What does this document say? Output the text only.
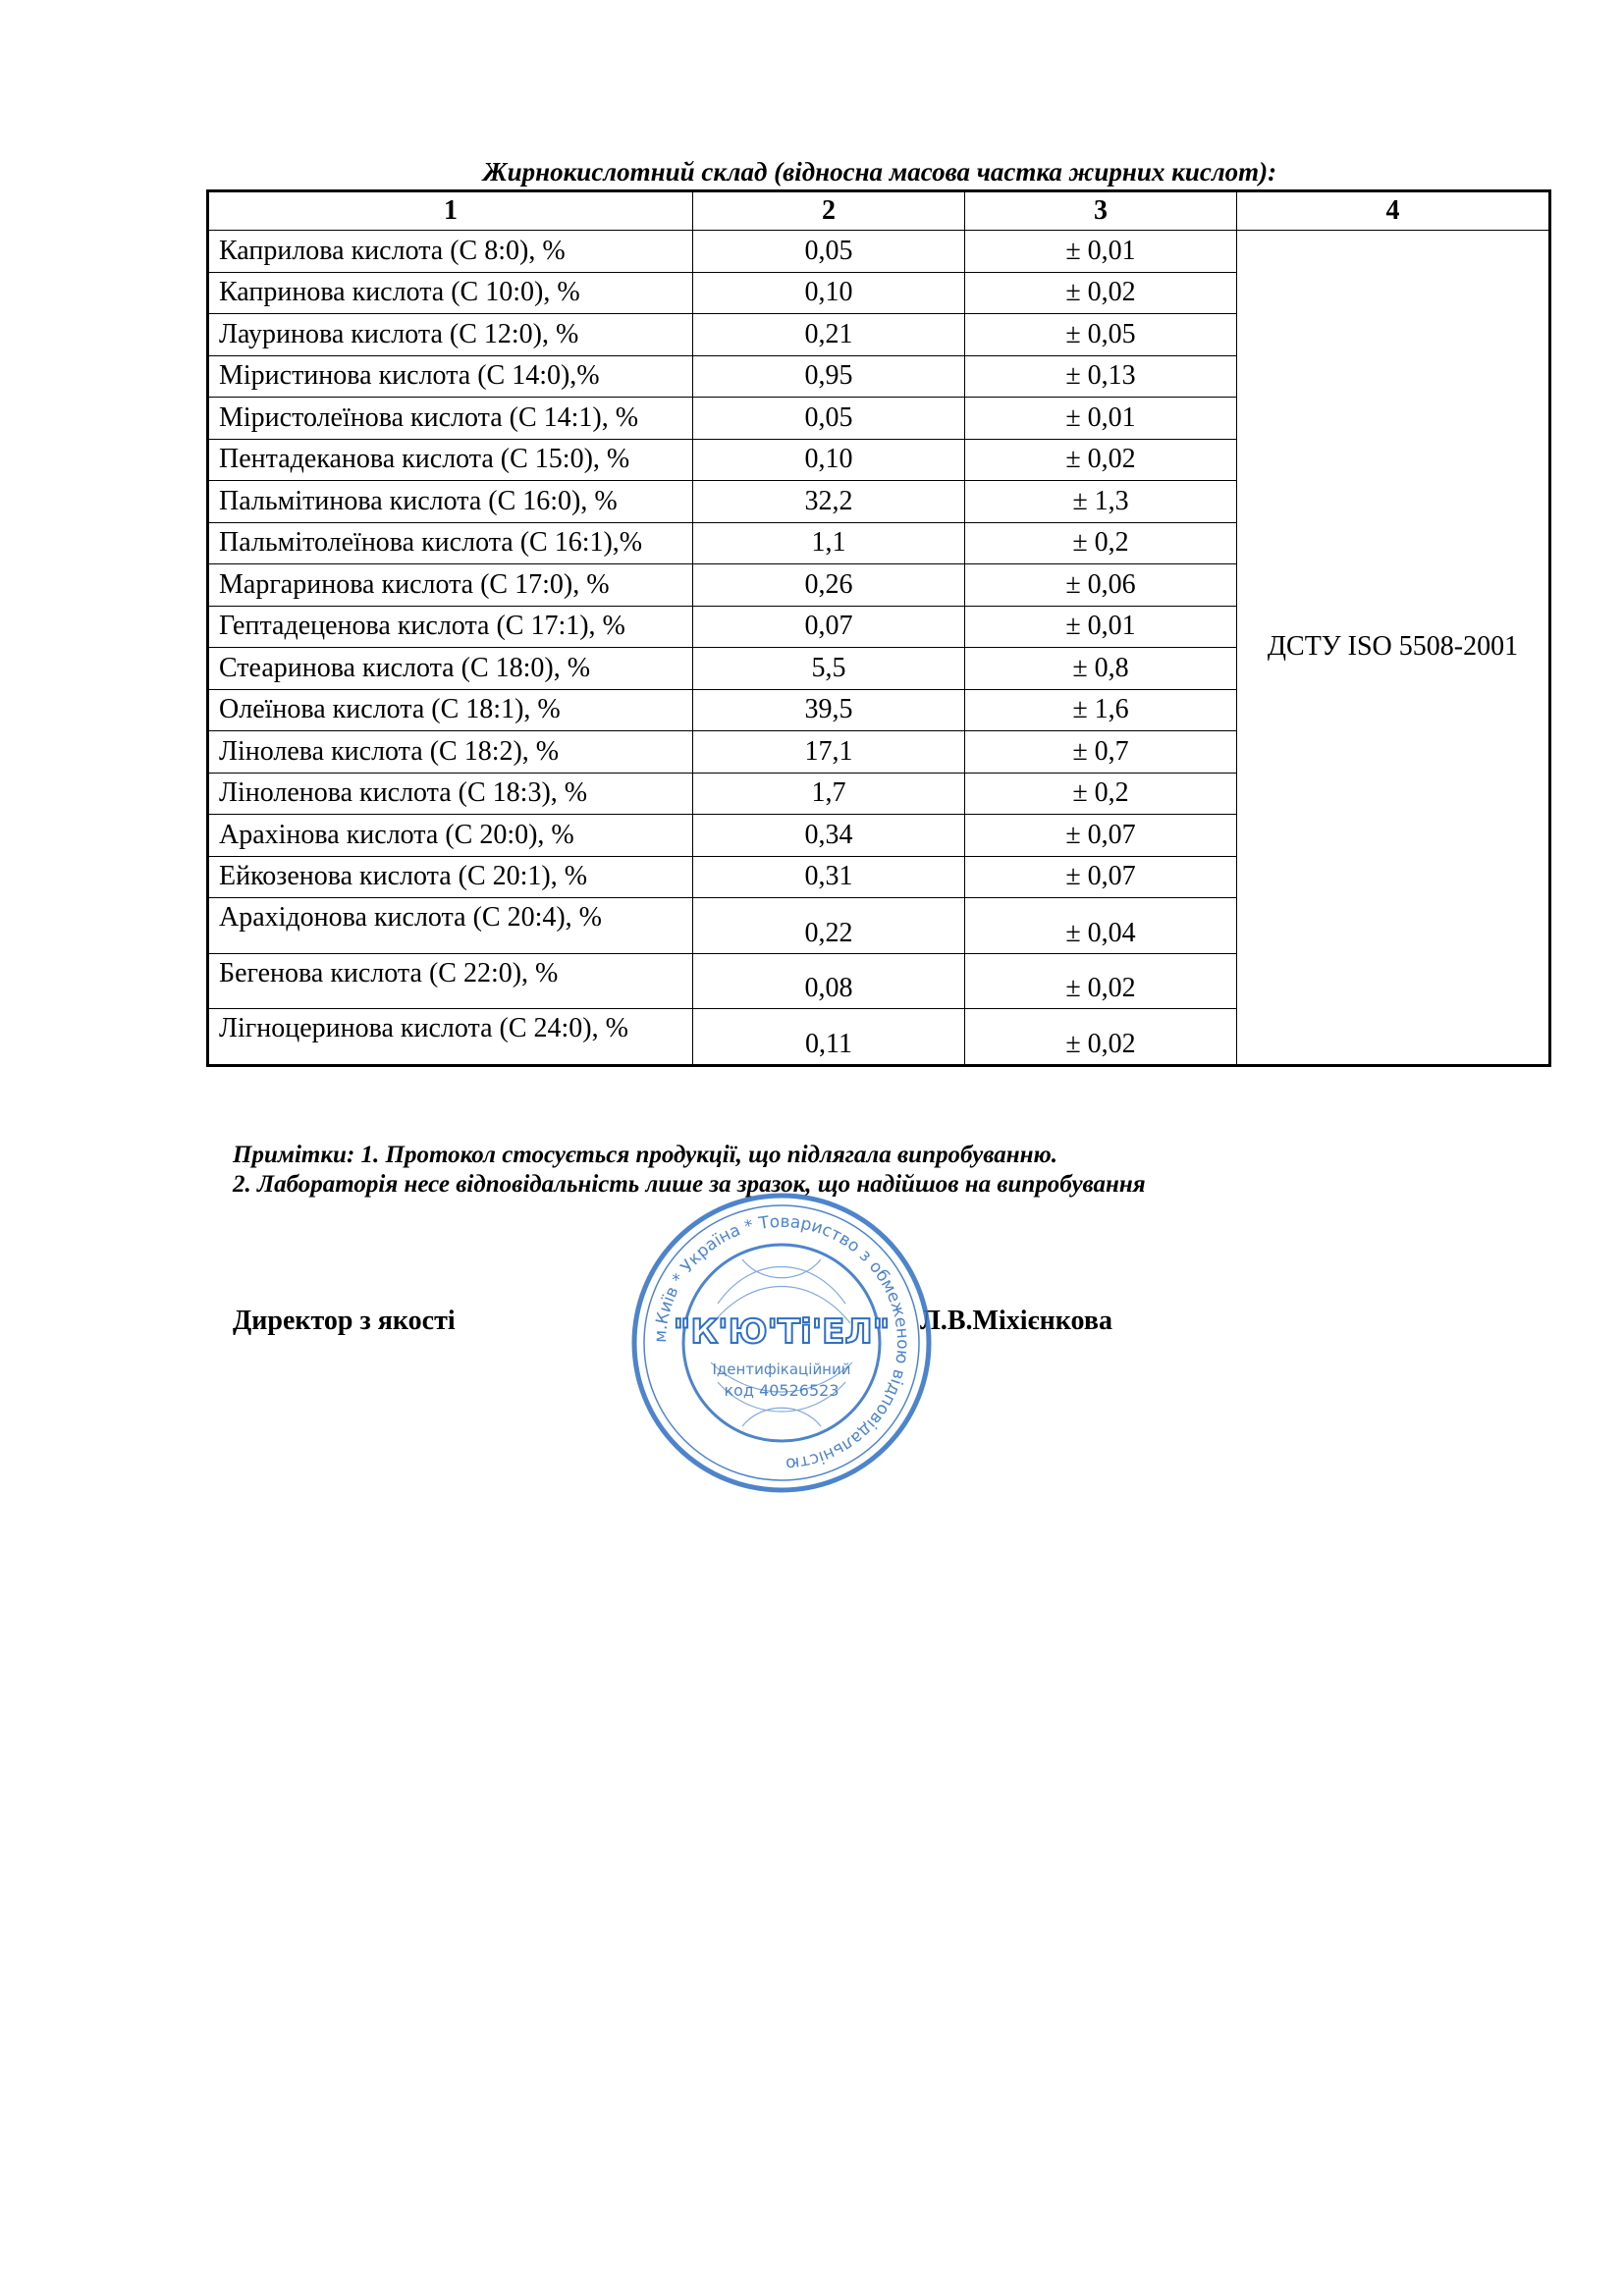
Жирнокислотний склад (відносна масова частка жирних кислот):
1	2	3	4
Каприлова кислота (С 8:0), %	0,05	± 0,01	ДСТУ ISO 5508-2001
Капринова кислота (С 10:0), %	0,10	± 0,02	
Лауринова кислота (С 12:0), %	0,21	± 0,05	
Міристинова кислота (С 14:0),%	0,95	± 0,13	
Міристолеїнова кислота (С 14:1), %	0,05	± 0,01	
Пентадеканова кислота (С 15:0), %	0,10	± 0,02	
Пальмітинова кислота (С 16:0), %	32,2	± 1,3	
Пальмітолеїнова кислота (С 16:1),%	1,1	± 0,2	
Маргаринова кислота (С 17:0), %	0,26	± 0,06	
Гептадеценова кислота (С 17:1), %	0,07	± 0,01	
Стеаринова кислота (С 18:0), %	5,5	± 0,8	
Олеїнова кислота (С 18:1), %	39,5	± 1,6	
Лінолева кислота (С 18:2), %	17,1	± 0,7	
Ліноленова кислота (С 18:3), %	1,7	± 0,2	
Арахінова кислота (С 20:0), %	0,34	± 0,07	
Ейкозенова кислота (С 20:1), %	0,31	± 0,07	
Арахідонова кислота (С 20:4), %	0,22	± 0,04	
Бегенова кислота (С 22:0), %	0,08	± 0,02	
Лігноцеринова кислота (С 24:0), %	0,11	± 0,02	
Примітки: 1. Протокол стосується продукції, що підлягала випробуванню.
2. Лабораторія несе відповідальність лише за зразок, що надійшов на випробування
Директор з якості	Л.В.Міхієнкова
м.Київ * Україна * Товариство з обмеженою відповідальністю
"К'Ю'Ті'ЕЛ"
Ідентифікаційний
код 40526523
